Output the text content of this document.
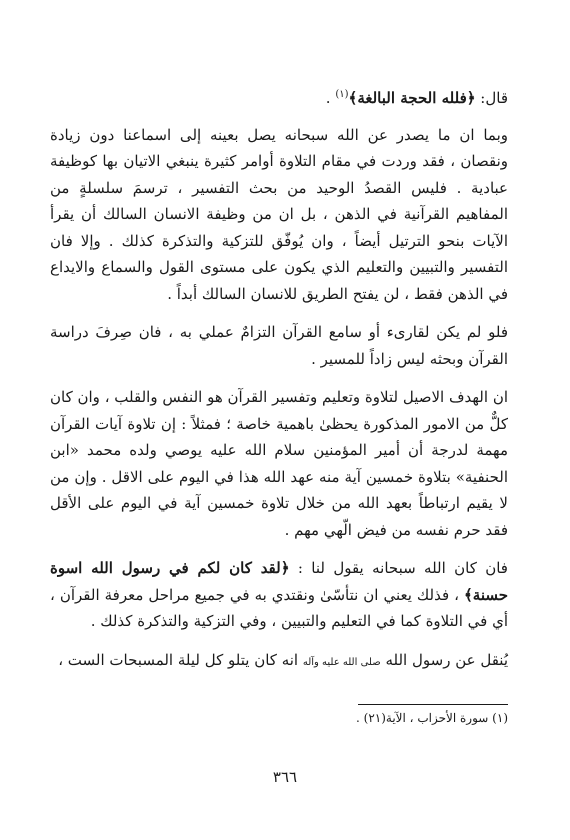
قال: ﴿فلله الحجة البالغة﴾$^{(١)}$ .

وبما ان ما يصدر عن الله سبحانه يصل بعينه إلى اسماعنا دون زيادة ونقصان ، فقد وردت في مقام التلاوة أوامر كثيرة ينبغي الاتيان بها كوظيفة عبادية . فليس القصدُ الوحيد من بحث التفسير ، ترسمَ سلسلةٍ من المفاهيم القرآنية في الذهن ، بل ان من وظيفة الانسان السالك أن يقرأ الآيات بنحو الترتيل أيضاً ، وان يُوفّق للتزكية والتذكرة كذلك . وإلا فان التفسير والتبيين والتعليم الذي يكون على مستوى القول والسماع والايداع في الذهن فقط ، لن يفتح الطريق للانسان السالك أبداً .

فلو لم يكن لقارىء أو سامع القرآن التزامٌ عملي به ، فان صِرفَ دراسة القرآن وبحثه ليس زاداً للمسير .

ان الهدف الاصيل لتلاوة وتعليم وتفسير القرآن هو النفس والقلب ، وان كان كلٌّ من الامور المذكورة يحظىٰ باهمية خاصة ؛ فمثلاً : إن تلاوة آيات القرآن مهمة لدرجة أن أمير المؤمنين سلام الله عليه يوصي ولده محمد «ابن الحنفية» بتلاوة خمسين آية منه عهد الله هذا في اليوم على الاقل . وإن من لا يقيم ارتباطاً بعهد الله من خلال تلاوة خمسين آية في اليوم على الأقل فقد حرم نفسه من فيض الّهي مهم .

فان كان الله سبحانه يقول لنا : ﴿لقد كان لكم في رسول الله اسوة حسنة﴾ ، فذلك يعني ان نتأسّىٰ ونقتدي به في جميع مراحل معرفة القرآن ، أي في التلاوة كما في التعليم والتبيين ، وفي التزكية والتذكرة كذلك .

يُنقل عن رسول الله صلى الله عليه وآله انه كان يتلو كل ليلة المسبحات الست ،

(١) سورة الأحزاب ، الآية(٢١) .
٣٦٦
